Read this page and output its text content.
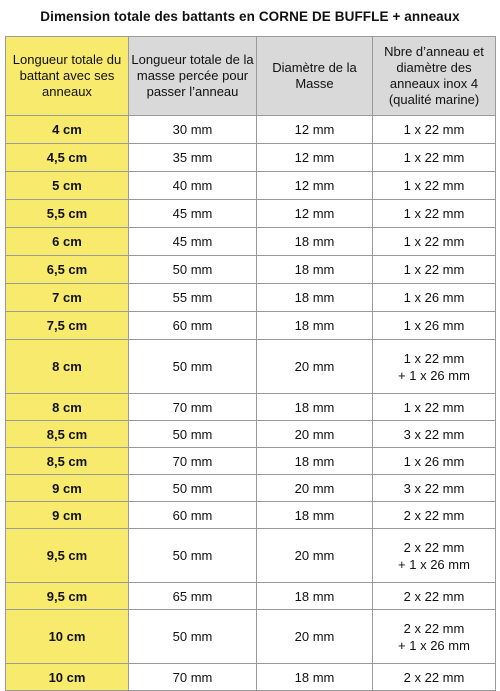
Dimension totale des battants en CORNE DE BUFFLE + anneaux
Longueur totale du battant avec ses anneaux	Longueur totale de la masse percée pour passer l’anneau	Diamètre de la Masse	Nbre d’anneau et diamètre des anneaux inox 4 (qualité marine)
4 cm	30 mm	12 mm	1 x 22 mm
4,5 cm	35 mm	12 mm	1 x 22 mm
5 cm	40 mm	12 mm	1 x 22 mm
5,5 cm	45 mm	12 mm	1 x 22 mm
6 cm	45 mm	18 mm	1 x 22 mm
6,5 cm	50 mm	18 mm	1 x 22 mm
7 cm	55 mm	18 mm	1 x 26 mm
7,5 cm	60 mm	18 mm	1 x 26 mm
8 cm	50 mm	20 mm	1 x 22 mm
+ 1 x 26 mm

8 cm	70 mm	18 mm	1 x 22 mm
8,5 cm	50 mm	20 mm	3 x 22 mm
8,5 cm	70 mm	18 mm	1 x 26 mm
9 cm	50 mm	20 mm	3 x 22 mm
9 cm	60 mm	18 mm	2 x 22 mm
9,5 cm	50 mm	20 mm	2 x 22 mm
+ 1 x 26 mm

9,5 cm	65 mm	18 mm	2 x 22 mm
10 cm	50 mm	20 mm	2 x 22 mm
+ 1 x 26 mm

10 cm	70 mm	18 mm	2 x 22 mm
